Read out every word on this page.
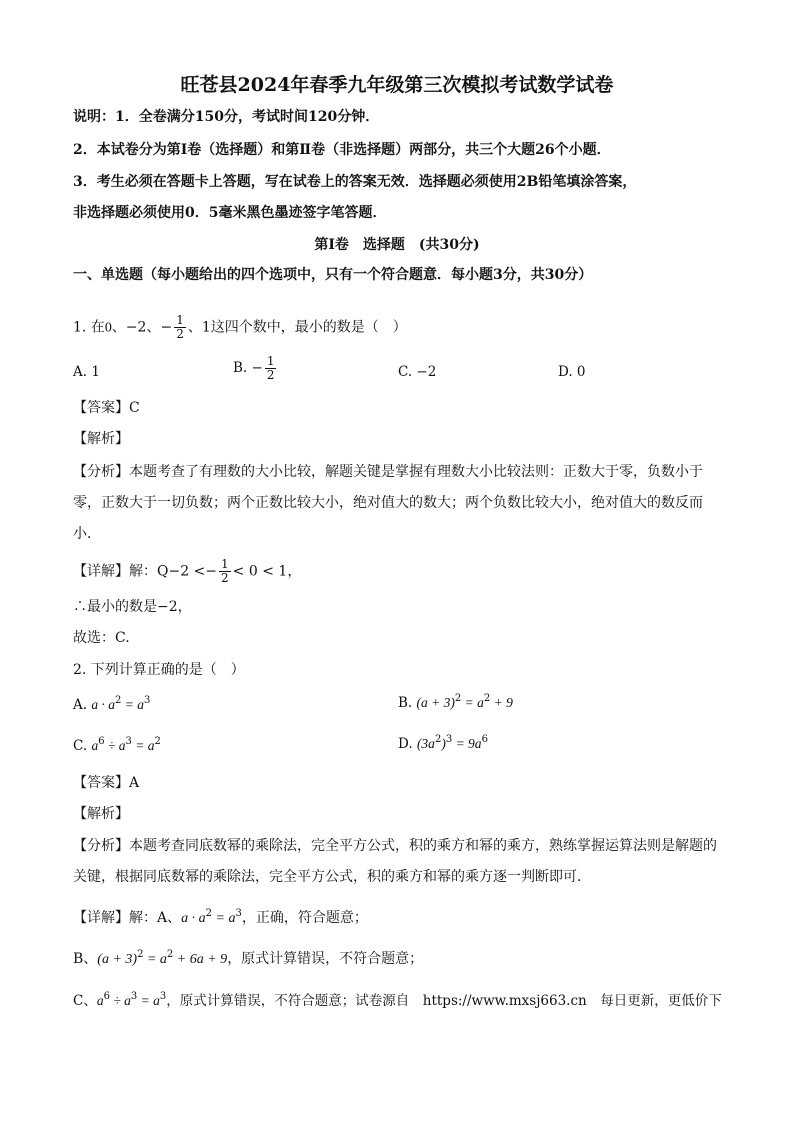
旺苍县2024年春季九年级第三次模拟考试数学试卷
说明：1．全卷满分150分，考试时间120分钟．
2．本试卷分为第Ⅰ卷（选择题）和第Ⅱ卷（非选择题）两部分，共三个大题26个小题．
3．考生必须在答题卡上答题，写在试卷上的答案无效．选择题必须使用2B铅笔填涂答案，
非选择题必须使用0．5毫米黑色墨迹签字笔答题．
第Ⅰ卷　选择题　(共30分)
一、单选题（每小题给出的四个选项中，只有一个符合题意．每小题3分，共30分）
1. 在0、−2、− $\frac{1}{2}$ 、1这四个数中，最小的数是（　）
A. 1	B. − $\frac{1}{2}$	C. −2	D. 0
【答案】C
【解析】
【分析】本题考查了有理数的大小比较，解题关键是掌握有理数大小比较法则：正数大于零，负数小于
零，正数大于一切负数；两个正数比较大小，绝对值大的数大；两个负数比较大小，绝对值大的数反而
小．
【详解】解：$Q-2 <- \frac{1}{2} < 0 < 1$，
∴最小的数是−2，
故选：C.
2. 下列计算正确的是（　）
A. $a \cdot a^2 = a^3$	B. $(a + 3)^2 = a^2 + 9$
C. $a^6 \div a^3 = a^2$	D. $(3a^2)^3 = 9a^6$
【答案】A
【解析】
【分析】本题考查同底数幂的乘除法，完全平方公式，积的乘方和幂的乘方，熟练掌握运算法则是解题的
关键，根据同底数幂的乘除法，完全平方公式，积的乘方和幂的乘方逐一判断即可．
【详解】解：A、$a \cdot a^2 = a^3$，正确，符合题意；
B、$(a + 3)^2 = a^2 + 6a + 9$，原式计算错误，不符合题意；
C、$a^6 \div a^3 = a^3$，原式计算错误，不符合题意；试卷源自　https://www.mxsj663.cn　每日更新，更低价下
